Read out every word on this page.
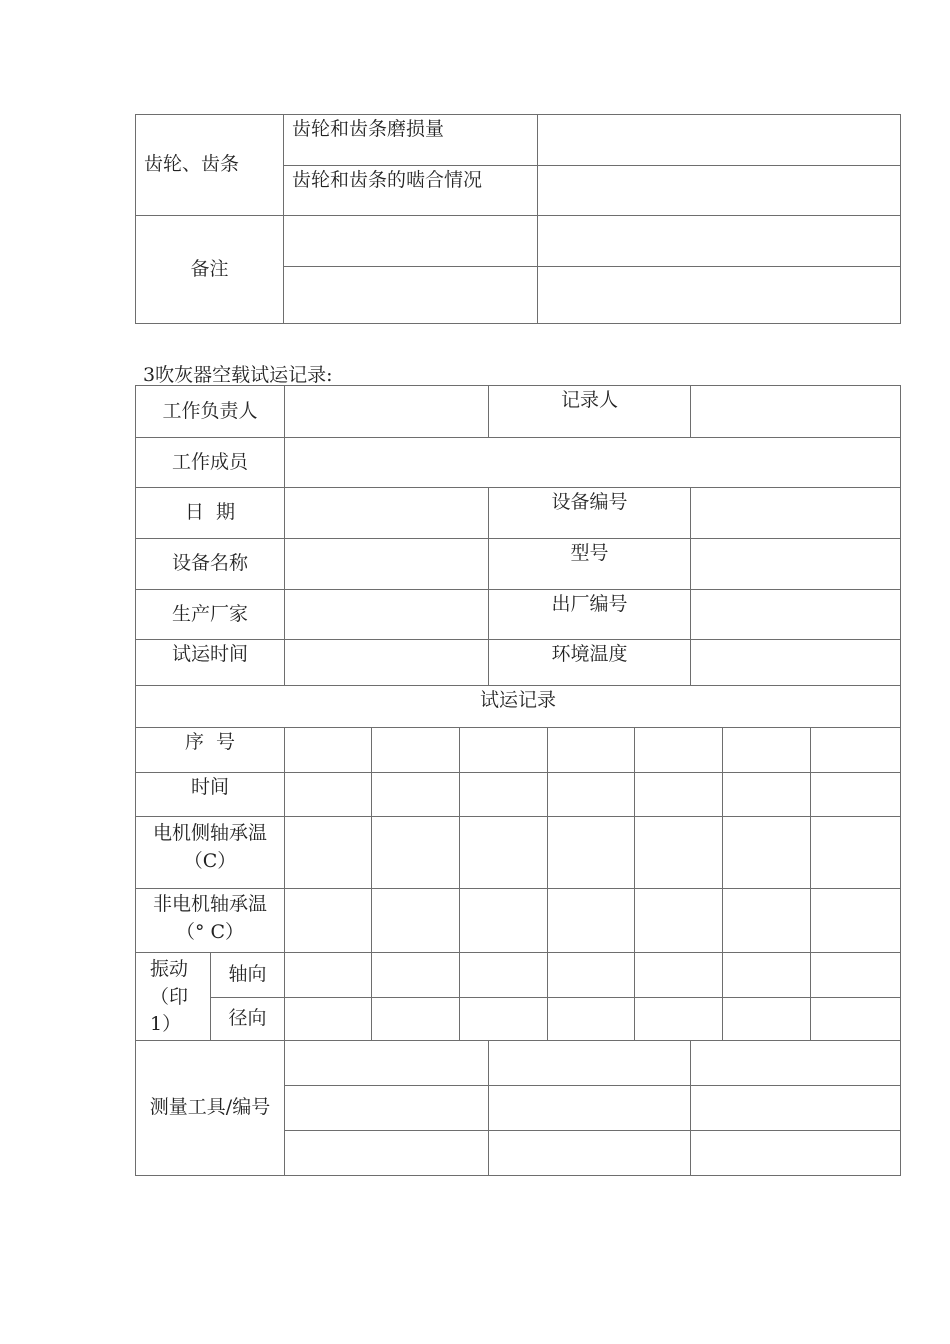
齿轮、齿条	齿轮和齿条磨损量	
	齿轮和齿条的啮合情况	
备注		

3吹灰器空载试运记录:
工作负责人					记录人					
工作成员										
日  期					设备编号					
设备名称					型号					
生产厂家					出厂编号					
试运时间					环境温度					
试运记录										
序  号										
时间										
电机侧轴承温（C）										
非电机轴承温（° C）										
振动（印1）	轴向									
	径向									
测量工具/编号										
